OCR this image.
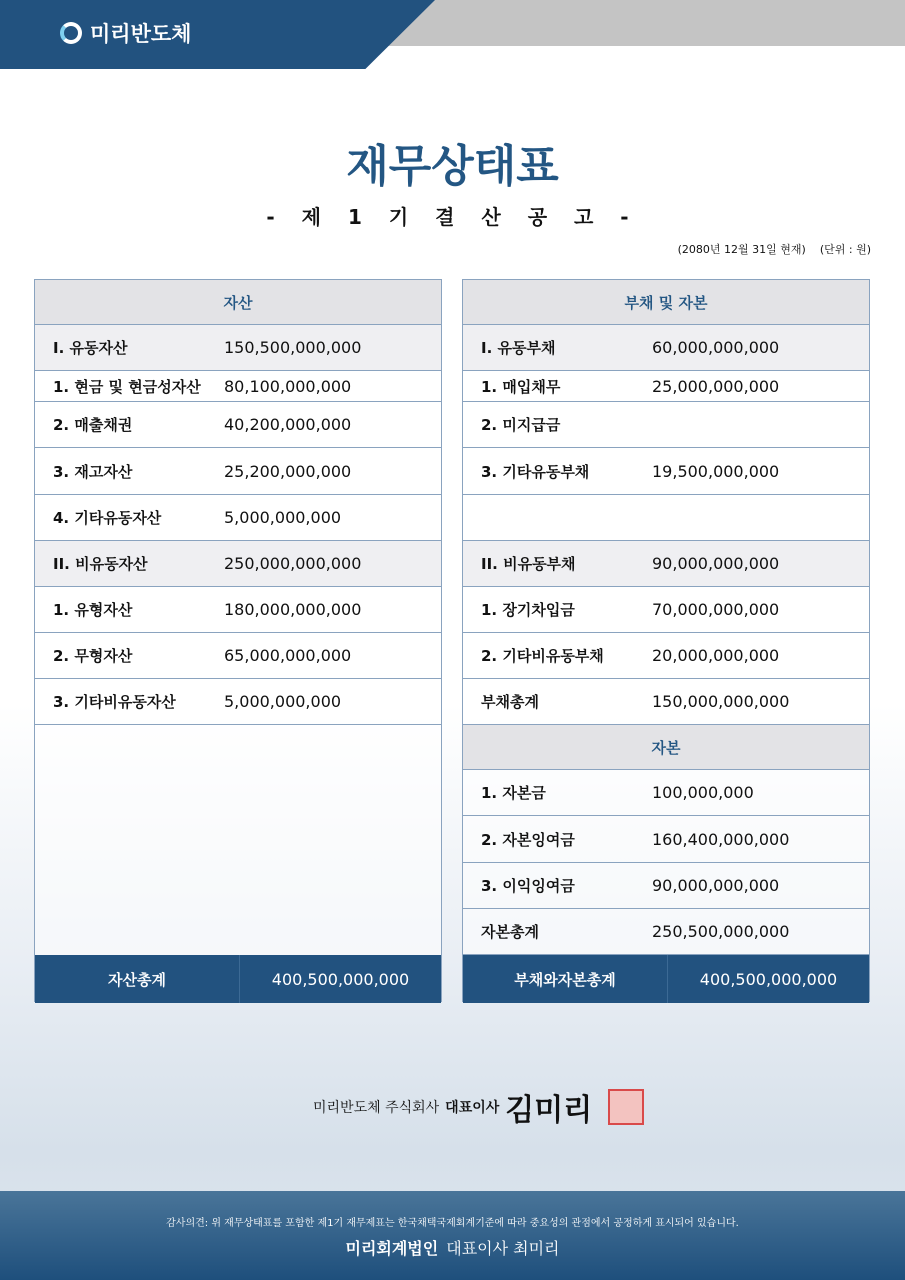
미리반도체
재무상태표
- 제 1 기 결 산 공 고 -
(2080년 12월 31일 현재) (단위 : 원)
자산
I. 유동자산	150,500,000,000
1. 현금 및 현금성자산	80,100,000,000
2. 매출채권	40,200,000,000
3. 재고자산	25,200,000,000
4. 기타유동자산	5,000,000,000
II. 비유동자산	250,000,000,000
1. 유형자산	180,000,000,000
2. 무형자산	65,000,000,000
3. 기타비유동자산	5,000,000,000
자산총계	400,500,000,000
부채 및 자본
I. 유동부채	60,000,000,000
1. 매입채무	25,000,000,000
2. 미지급금
3. 기타유동부채	19,500,000,000
II. 비유동부채	90,000,000,000
1. 장기차입금	70,000,000,000
2. 기타비유동부채	20,000,000,000
부채총계	150,000,000,000
자본
1. 자본금	100,000,000
2. 자본잉여금	160,400,000,000
3. 이익잉여금	90,000,000,000
자본총계	250,500,000,000
부채와자본총계	400,500,000,000
미리반도체 주식회사 대표이사 김미리
감사의견: 위 재무상태표를 포함한 제1기 재무제표는 한국채택국제회계기준에 따라 중요성의 관점에서 공정하게 표시되어 있습니다.
미리회계법인 대표이사 최미리
